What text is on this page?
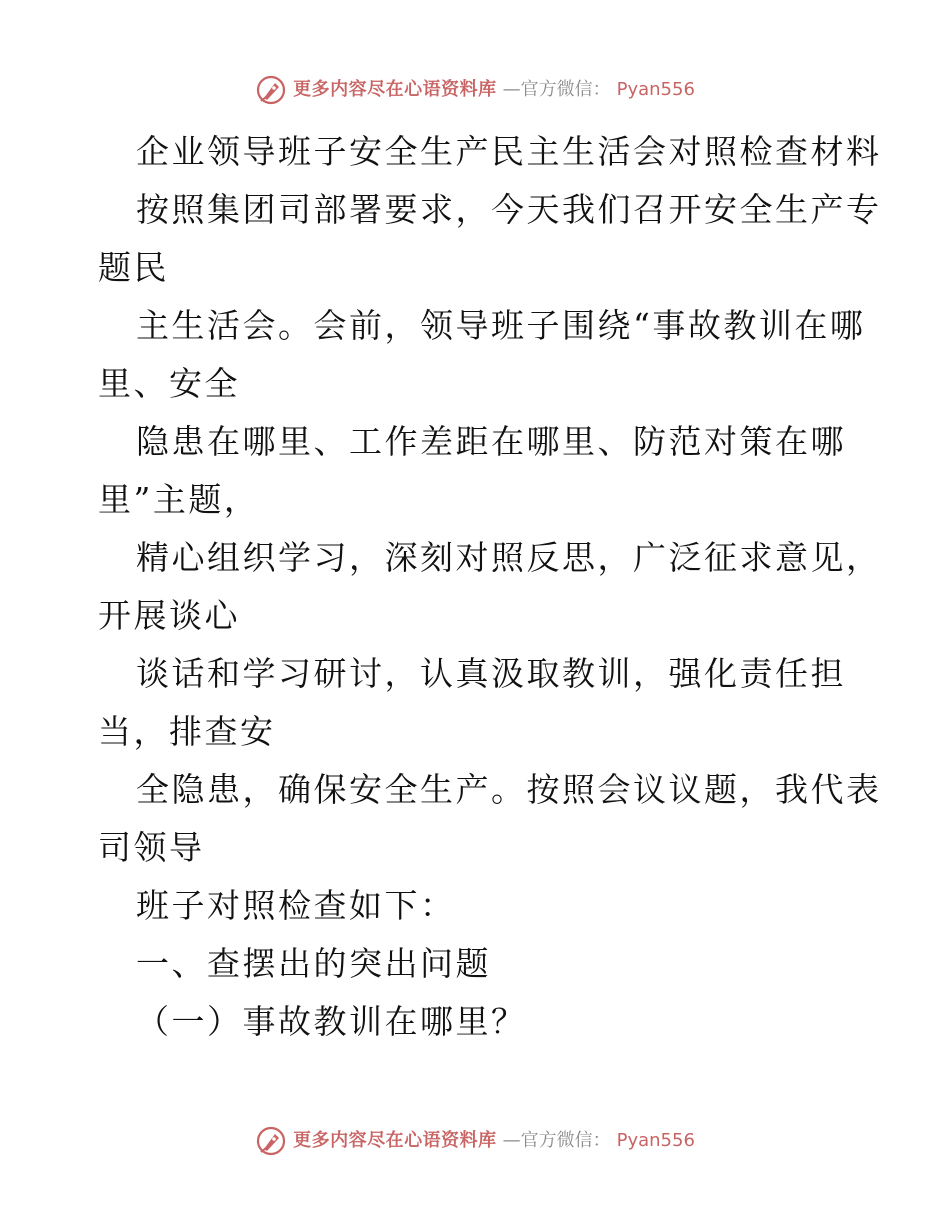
更多内容尽在心语资料库 —官方微信： Pyan556
企业领导班子安全生产民主生活会对照检查材料
按照集团司部署要求，今天我们召开安全生产专
题民
主生活会。会前，领导班子围绕“事故教训在哪
里、安全
隐患在哪里、工作差距在哪里、防范对策在哪
里”主题，
精心组织学习，深刻对照反思，广泛征求意见，
开展谈心
谈话和学习研讨，认真汲取教训，强化责任担
当，排查安
全隐患，确保安全生产。按照会议议题，我代表
司领导
班子对照检查如下：
一、查摆出的突出问题
（一）事故教训在哪里？
更多内容尽在心语资料库 —官方微信： Pyan556
